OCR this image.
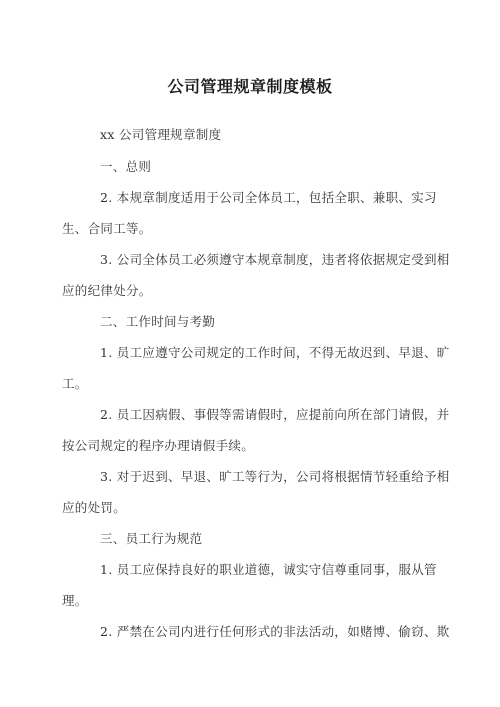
公司管理规章制度模板
xx 公司管理规章制度
一、总则
2. 本规章制度适用于公司全体员工，包括全职、兼职、实习
生、合同工等。
3. 公司全体员工必须遵守本规章制度，违者将依据规定受到相
应的纪律处分。
二、工作时间与考勤
1. 员工应遵守公司规定的工作时间，不得无故迟到、早退、旷
工。
2. 员工因病假、事假等需请假时，应提前向所在部门请假，并
按公司规定的程序办理请假手续。
3. 对于迟到、早退、旷工等行为，公司将根据情节轻重给予相
应的处罚。
三、员工行为规范
1. 员工应保持良好的职业道德，诚实守信尊重同事，服从管
理。
2. 严禁在公司内进行任何形式的非法活动，如赌博、偷窃、欺
